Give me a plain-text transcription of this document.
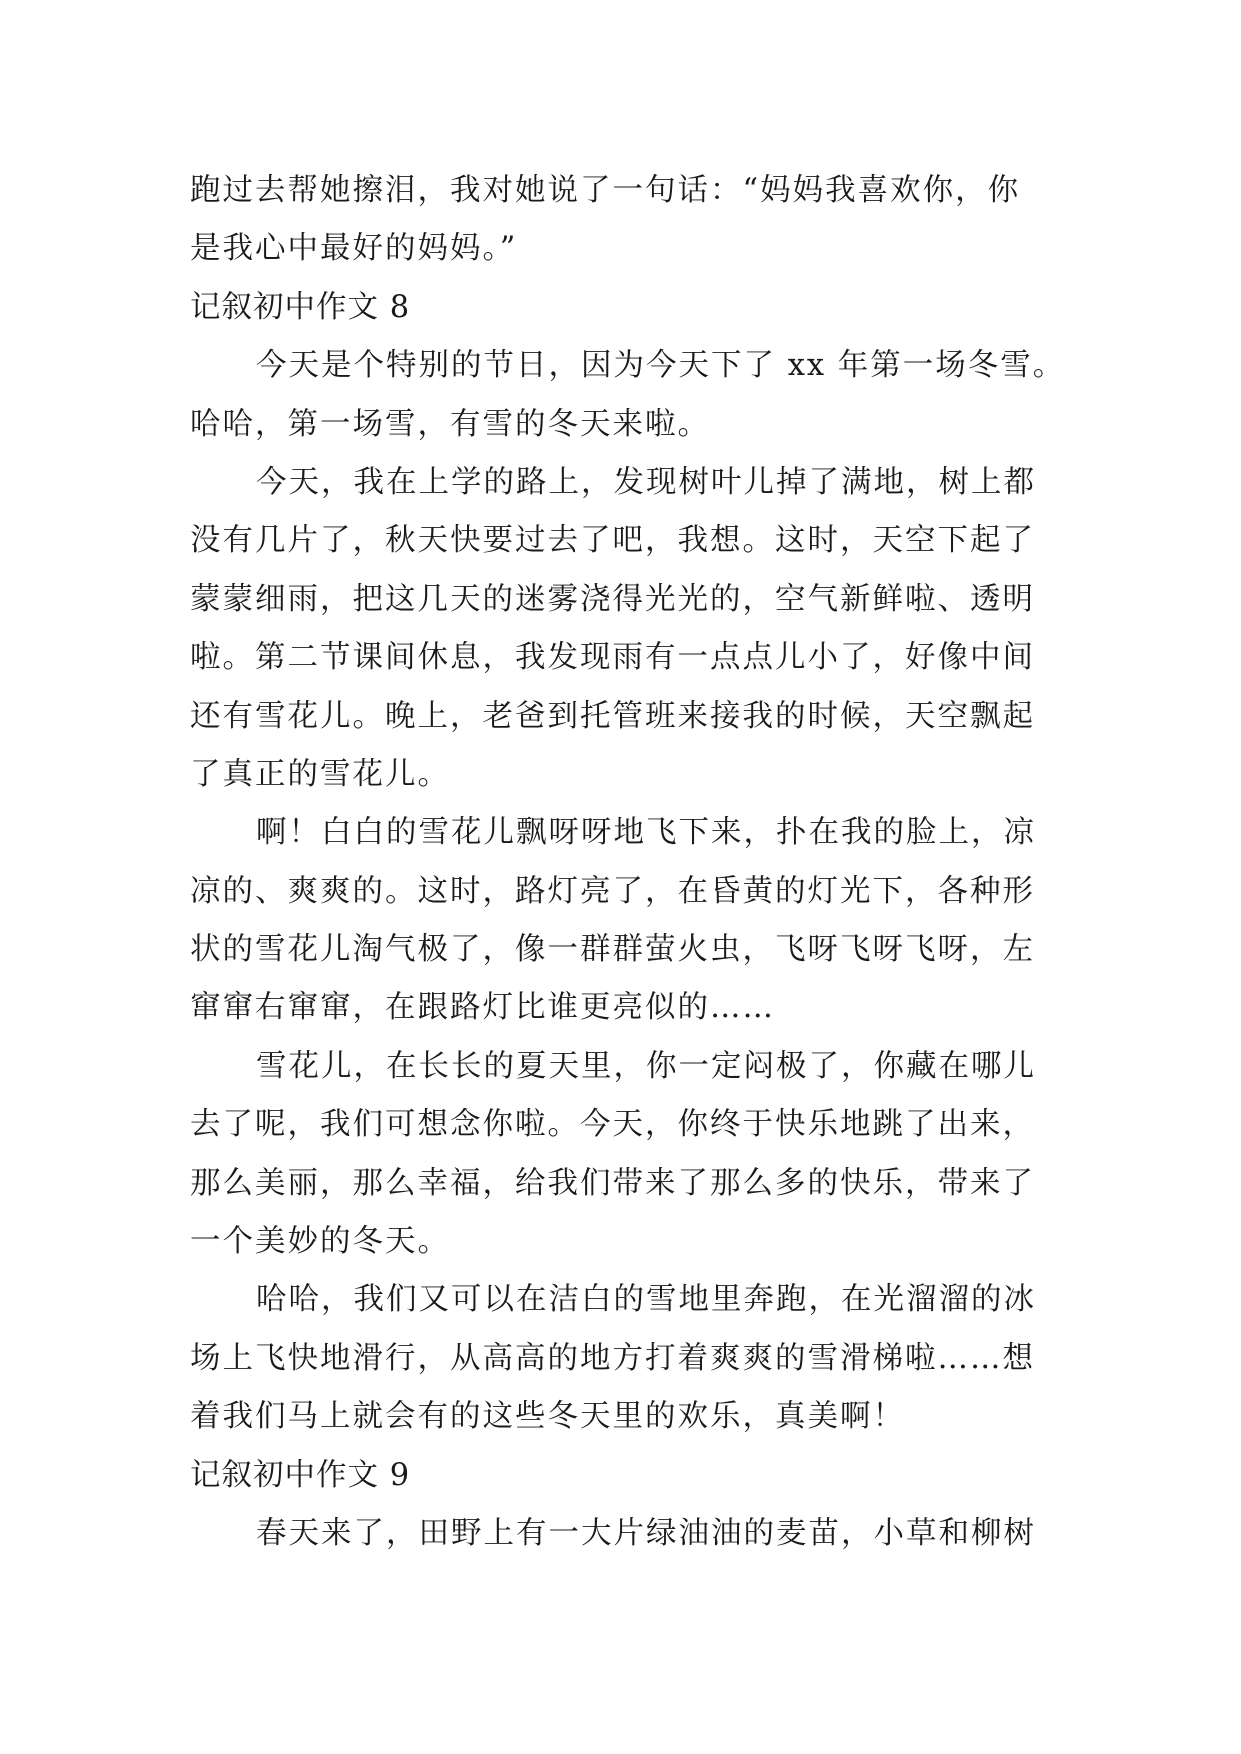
跑过去帮她擦泪，我对她说了一句话：“妈妈我喜欢你，你
是我心中最好的妈妈。”
记叙初中作文 8
今天是个特别的节日，因为今天下了 xx 年第一场冬雪。
哈哈，第一场雪，有雪的冬天来啦。
今天，我在上学的路上，发现树叶儿掉了满地，树上都
没有几片了，秋天快要过去了吧，我想。这时，天空下起了
蒙蒙细雨，把这几天的迷雾浇得光光的，空气新鲜啦、透明
啦。第二节课间休息，我发现雨有一点点儿小了，好像中间
还有雪花儿。晚上，老爸到托管班来接我的时候，天空飘起
了真正的雪花儿。
啊！白白的雪花儿飘呀呀地飞下来，扑在我的脸上，凉
凉的、爽爽的。这时，路灯亮了，在昏黄的灯光下，各种形
状的雪花儿淘气极了，像一群群萤火虫，飞呀飞呀飞呀，左
窜窜右窜窜，在跟路灯比谁更亮似的……
雪花儿，在长长的夏天里，你一定闷极了，你藏在哪儿
去了呢，我们可想念你啦。今天，你终于快乐地跳了出来，
那么美丽，那么幸福，给我们带来了那么多的快乐，带来了
一个美妙的冬天。
哈哈，我们又可以在洁白的雪地里奔跑，在光溜溜的冰
场上飞快地滑行，从高高的地方打着爽爽的雪滑梯啦……想
着我们马上就会有的这些冬天里的欢乐，真美啊！
记叙初中作文 9
春天来了，田野上有一大片绿油油的麦苗，小草和柳树
